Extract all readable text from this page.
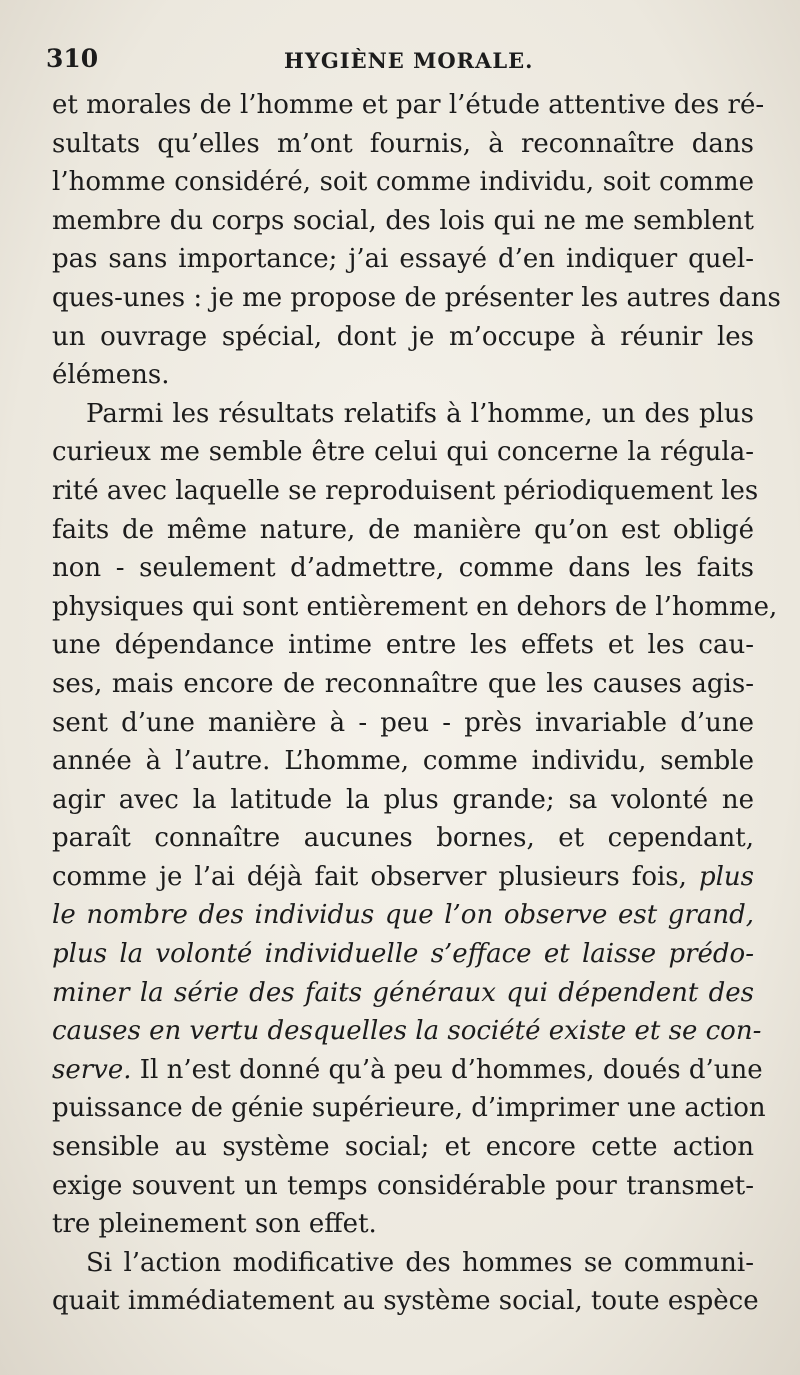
310	HYGIÈNE MORALE.
et morales de l’homme et par l’étude attentive des ré-
sultats qu’elles m’ont fournis, à reconnaître dans
l’homme considéré, soit comme individu, soit comme
membre du corps social, des lois qui ne me semblent
pas sans importance; j’ai essayé d’en indiquer quel-
ques-unes : je me propose de présenter les autres dans
un ouvrage spécial, dont je m’occupe à réunir les
élémens.
Parmi les résultats relatifs à l’homme, un des plus
curieux me semble être celui qui concerne la régula-
rité avec laquelle se reproduisent périodiquement les
faits de même nature, de manière qu’on est obligé
non - seulement d’admettre, comme dans les faits
physiques qui sont entièrement en dehors de l’homme,
une dépendance intime entre les effets et les cau-
ses, mais encore de reconnaître que les causes agis-
sent d’une manière à - peu - près invariable d’une
année à l’autre. L’homme, comme individu, semble
agir avec la latitude la plus grande; sa volonté ne
paraît connaître aucunes bornes, et cependant,
comme je l’ai déjà fait observer plusieurs fois, plus
le nombre des individus que l’on observe est grand,
plus la volonté individuelle s’efface et laisse prédo-
miner la série des faits généraux qui dépendent des
causes en vertu desquelles la société existe et se con-
serve. Il n’est donné qu’à peu d’hommes, doués d’une
puissance de génie supérieure, d’imprimer une action
sensible au système social; et encore cette action
exige souvent un temps considérable pour transmet-
tre pleinement son effet.
Si l’action modificative des hommes se communi-
quait immédiatement au système social, toute espèce
